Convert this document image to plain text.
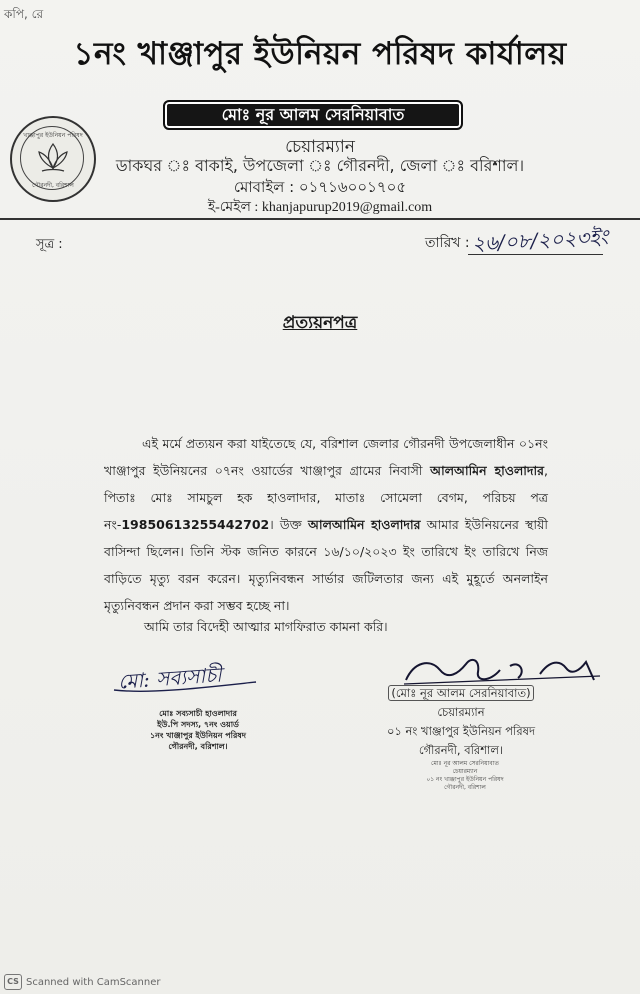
কপি, রে
১নং খাঞ্জাপুর ইউনিয়ন পরিষদ কার্যালয়
খাঞ্জাপুর ইউনিয়ন পরিষদ
গৌরনদী, বরিশাল
মোঃ নূর আলম সেরনিয়াবাত
চেয়ারম্যান
ডাকঘর ঃ বাকাই, উপজেলা ঃ গৌরনদী, জেলা ঃ বরিশাল।
মোবাইল : ০১৭১৬০০১৭০৫
ই-মেইল : khanjapurup2019@gmail.com
সূত্র :	তারিখ : ২৬/০৮/২০২৩ইং
প্রত্যয়নপত্র

এই মর্মে প্রত্যয়ন করা যাইতেছে যে, বরিশাল জেলার গৌরনদী উপজেলাধীন ০১নং খাঞ্জাপুর ইউনিয়নের ০৭নং ওয়ার্ডের খাঞ্জাপুর গ্রামের নিবাসী আলআমিন হাওলাদার, পিতাঃ মোঃ সামচুল হক হাওলাদার, মাতাঃ সোমেলা বেগম, পরিচয় পত্র নং-19850613255442702। উক্ত আলআমিন হাওলাদার আমার ইউনিয়নের স্থায়ী বাসিন্দা ছিলেন। তিনি স্টক জনিত কারনে ১৬/১০/২০২৩ ইং তারিখে ইং তারিখে নিজ বাড়িতে মৃত্যু বরন করেন। মৃত্যুনিবন্ধন সার্ভার জটিলতার জন্য এই মুহূর্তে অনলাইন মৃত্যুনিবন্ধন প্রদান করা সম্ভব হচ্ছে না।

আমি তার বিদেহী আত্মার মাগফিরাত কামনা করি।
মো: সব্যসাচী
মোঃ সব্যসাচী হাওলাদার
ইউ.পি সদস্য, ৭নং ওয়ার্ড
১নং খাঞ্জাপুর ইউনিয়ন পরিষদ
গৌরনদী, বরিশাল।
(মোঃ নূর আলম সেরনিয়াবাত)
চেয়ারম্যান
০১ নং খাঞ্জাপুর ইউনিয়ন পরিষদ
গৌরনদী, বরিশাল।
মোঃ নূর আলম সেরনিয়াবাত
চেয়ারম্যান
০১ নং খাঞ্জাপুর ইউনিয়ন পরিষদ
গৌরনদী, বরিশাল
CS Scanned with CamScanner
